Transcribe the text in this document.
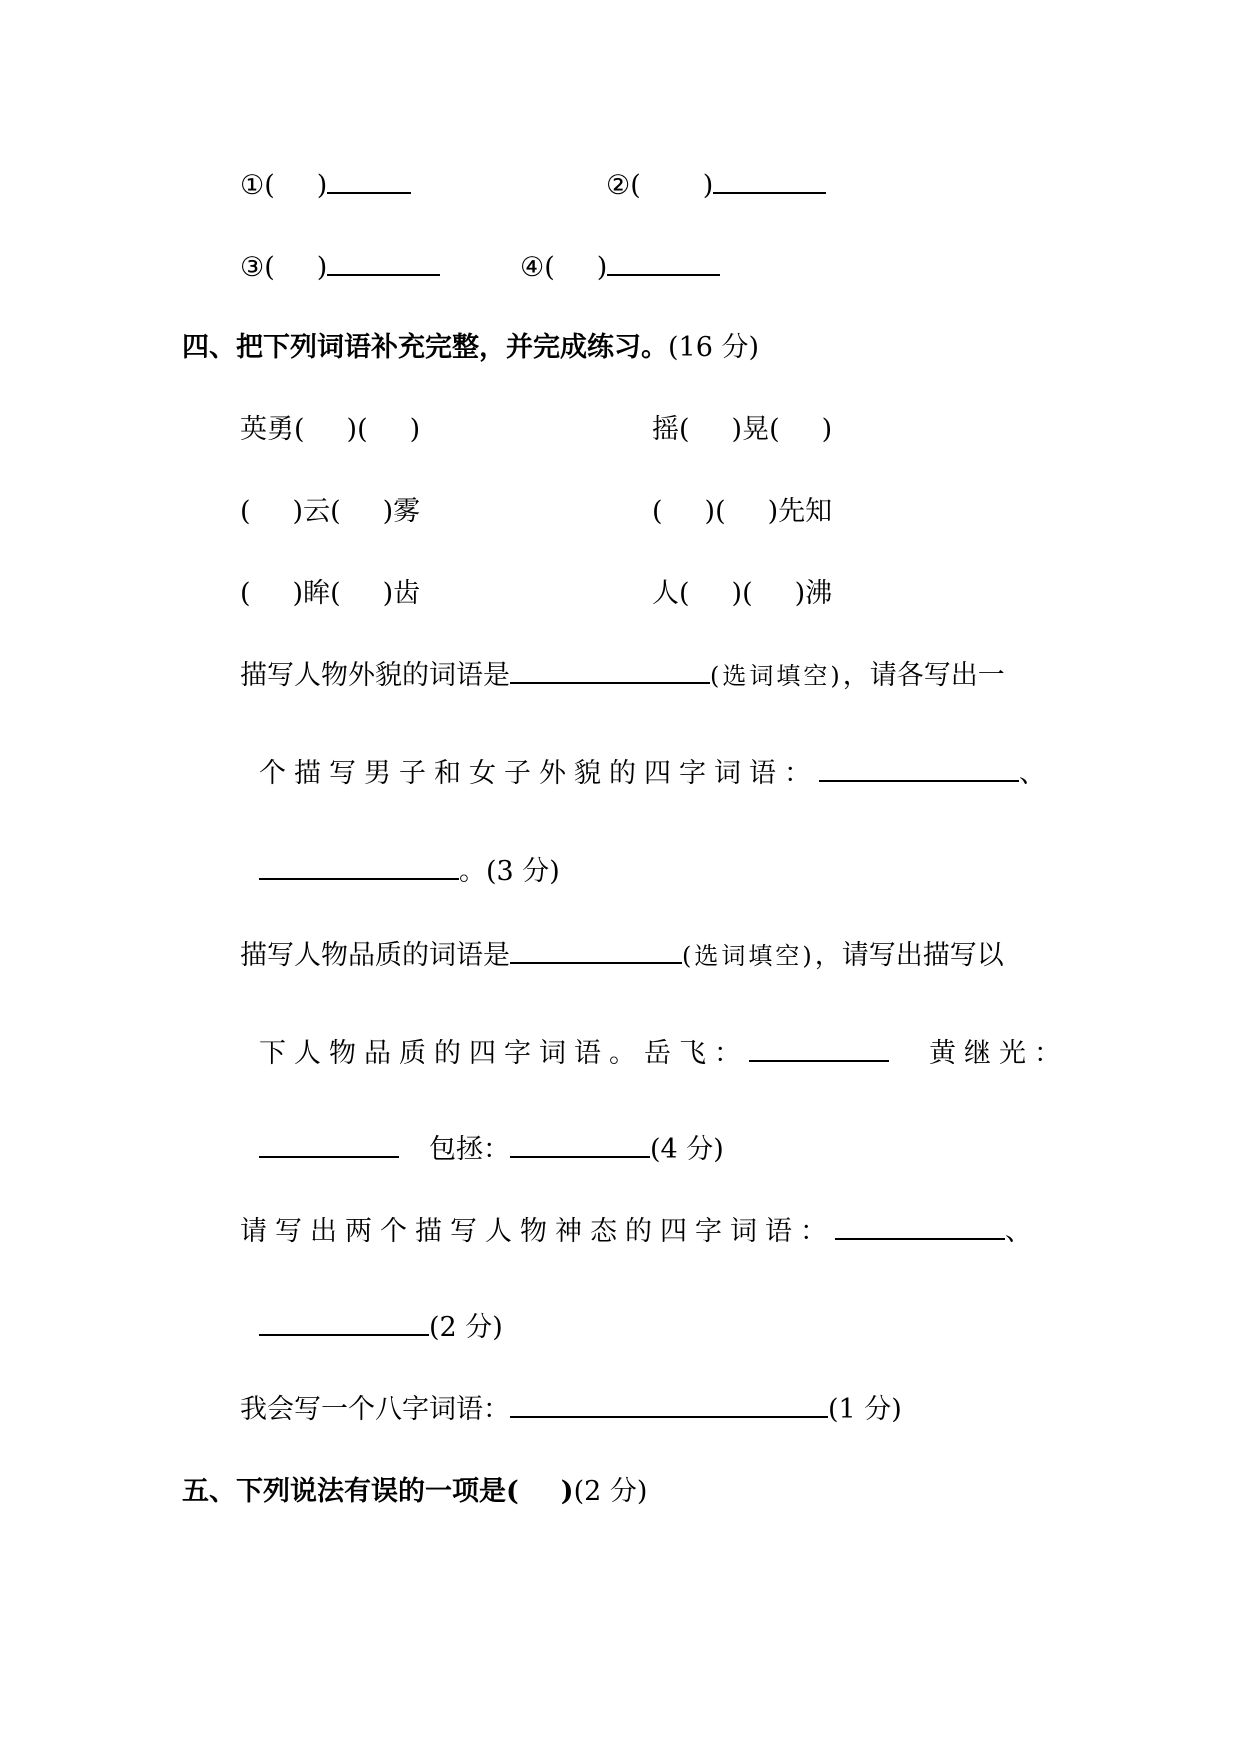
①( )	②( )
③( )	④( )
四、把下列词语补充完整，并完成练习。(16 分)
英勇( )( )	摇( )晃( )
( )云( )雾	( )( )先知
( )眸( )齿	人( )( )沸
描写人物外貌的词语是	(选词填空)，请各写出一
个描写男子和女子外貌的四字词语：	、
。(3 分)
描写人物品质的词语是	(选词填空)，请写出描写以
下人物品质的四字词语。岳飞：	黄继光：
包拯：	(4 分)
请写出两个描写人物神态的四字词语：	、
(2 分)
我会写一个八字词语：	(1 分)
五、下列说法有误的一项是( )(2 分)
